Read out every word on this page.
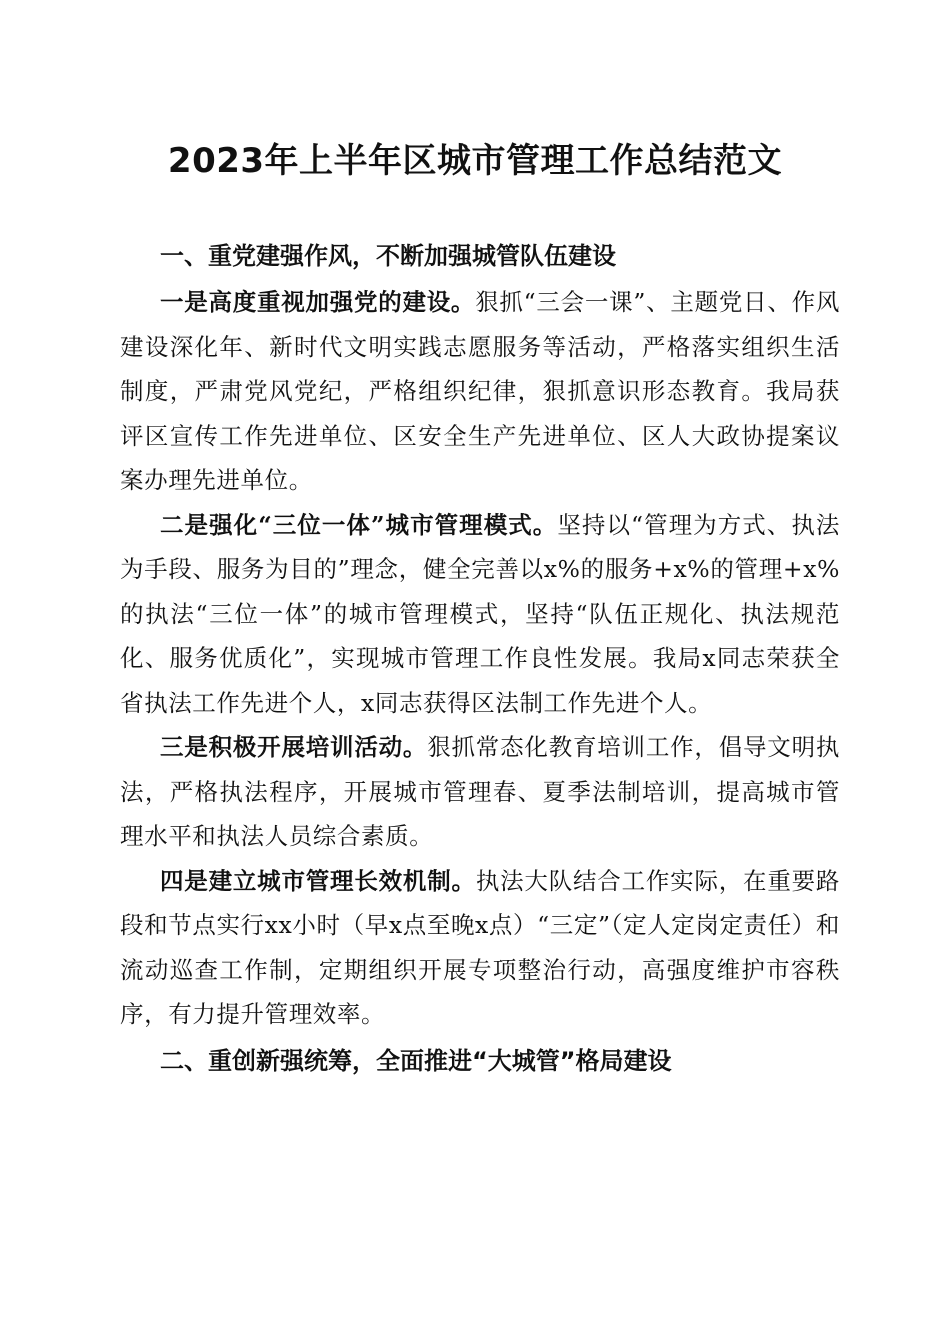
2023年上半年区城市管理工作总结范文
一、重党建强作风，不断加强城管队伍建设

一是高度重视加强党的建设。狠抓“三会一课”、主题党日、作风建设深化年、新时代文明实践志愿服务等活动，严格落实组织生活制度，严肃党风党纪，严格组织纪律，狠抓意识形态教育。我局获评区宣传工作先进单位、区安全生产先进单位、区人大政协提案议案办理先进单位。

二是强化“三位一体”城市管理模式。坚持以“管理为方式、执法为手段、服务为目的”理念，健全完善以x%的服务+x%的管理+x%的执法“三位一体”的城市管理模式，坚持“队伍正规化、执法规范化、服务优质化”，实现城市管理工作良性发展。我局x同志荣获全省执法工作先进个人，x同志获得区法制工作先进个人。

三是积极开展培训活动。狠抓常态化教育培训工作，倡导文明执法，严格执法程序，开展城市管理春、夏季法制培训，提高城市管理水平和执法人员综合素质。

四是建立城市管理长效机制。执法大队结合工作实际，在重要路段和节点实行xx小时（早x点至晚x点）“三定”（定人定岗定责任）和流动巡查工作制，定期组织开展专项整治行动，高强度维护市容秩序，有力提升管理效率。

二、重创新强统筹，全面推进“大城管”格局建设
